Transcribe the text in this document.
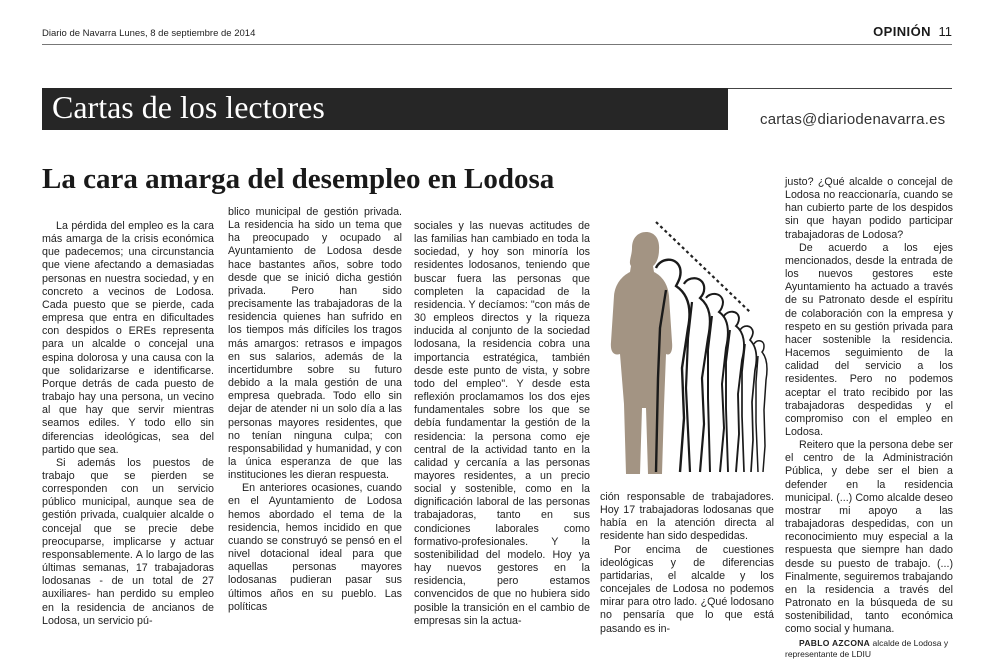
Diario de Navarra Lunes, 8 de septiembre de 2014	OPINIÓN 11
Cartas de los lectores	cartas@diariodenavarra.es
La cara amarga del desempleo en Lodosa

La pérdida del empleo es la cara más amarga de la crisis económica que padecemos; una circunstancia que viene afectando a demasiadas personas en nuestra sociedad, y en concreto a vecinos de Lodosa. Cada puesto que se pierde, cada empresa que entra en dificultades con despidos o EREs representa para un alcalde o concejal una espina dolorosa y una causa con la que solidarizarse e identificarse. Porque detrás de cada puesto de trabajo hay una persona, un vecino al que hay que servir mientras seamos ediles. Y todo ello sin diferencias ideológicas, sea del partido que sea.

Si además los puestos de trabajo que se pierden se corresponden con un servicio público municipal, aunque sea de gestión privada, cualquier alcalde o concejal que se precie debe preocuparse, implicarse y actuar responsablemente. A lo largo de las últimas semanas, 17 trabajadoras lodosanas - de un total de 27 auxiliares- han perdido su empleo en la residencia de ancianos de Lodosa, un servicio pú-

blico municipal de gestión privada. La residencia ha sido un tema que ha preocupado y ocupado al Ayuntamiento de Lodosa desde hace bastantes años, sobre todo desde que se inició dicha gestión privada. Pero han sido precisamente las trabajadoras de la residencia quienes han sufrido en los tiempos más difíciles los tragos más amargos: retrasos e impagos en sus salarios, además de la incertidumbre sobre su futuro debido a la mala gestión de una empresa quebrada. Todo ello sin dejar de atender ni un solo día a las personas mayores residentes, que no tenían ninguna culpa; con responsabilidad y humanidad, y con la única esperanza de que las instituciones les dieran respuesta.

En anteriores ocasiones, cuando en el Ayuntamiento de Lodosa hemos abordado el tema de la residencia, hemos incidido en que cuando se construyó se pensó en el nivel dotacional ideal para que aquellas personas mayores lodosanas pudieran pasar sus últimos años en su pueblo. Las políticas

sociales y las nuevas actitudes de las familias han cambiado en toda la sociedad, y hoy son minoría los residentes lodosanos, teniendo que buscar fuera las personas que completen la capacidad de la residencia. Y decíamos: "con más de 30 empleos directos y la riqueza inducida al conjunto de la sociedad lodosana, la residencia cobra una importancia estratégica, también desde este punto de vista, y sobre todo del empleo". Y desde esta reflexión proclamamos los dos ejes fundamentales sobre los que se debía fundamentar la gestión de la residencia: la persona como eje central de la actividad tanto en la calidad y cercanía a las personas mayores residentes, a un precio social y sostenible, como en la dignificación laboral de las personas trabajadoras, tanto en sus condiciones laborales como formativo-profesionales. Y la sostenibilidad del modelo. Hoy ya hay nuevos gestores en la residencia, pero estamos convencidos de que no hubiera sido posible la transición en el cambio de empresas sin la actua-

ción responsable de trabajadores. Hoy 17 trabajadoras lodosanas que había en la atención directa al residente han sido despedidas.

Por encima de cuestiones ideológicas y de diferencias partidarias, el alcalde y los concejales de Lodosa no podemos mirar para otro lado. ¿Qué lodosano no pensaría que lo que está pasando es in-

justo? ¿Qué alcalde o concejal de Lodosa no reaccionaría, cuando se han cubierto parte de los despidos sin que hayan podido participar trabajadoras de Lodosa?

De acuerdo a los ejes mencionados, desde la entrada de los nuevos gestores este Ayuntamiento ha actuado a través de su Patronato desde el espíritu de colaboración con la empresa y respeto en su gestión privada para hacer sostenible la residencia. Hacemos seguimiento de la calidad del servicio a los residentes. Pero no podemos aceptar el trato recibido por las trabajadoras despedidas y el compromiso con el empleo en Lodosa.

Reitero que la persona debe ser el centro de la Administración Pública, y debe ser el bien a defender en la residencia municipal. (...) Como alcalde deseo mostrar mi apoyo a las trabajadoras despedidas, con un reconocimiento muy especial a la respuesta que siempre han dado desde su puesto de trabajo. (...) Finalmente, seguiremos trabajando en la residencia a través del Patronato en la búsqueda de su sostenibilidad, tanto económica como social y humana.

PABLO AZCONA alcalde de Lodosa y representante de LDIU
